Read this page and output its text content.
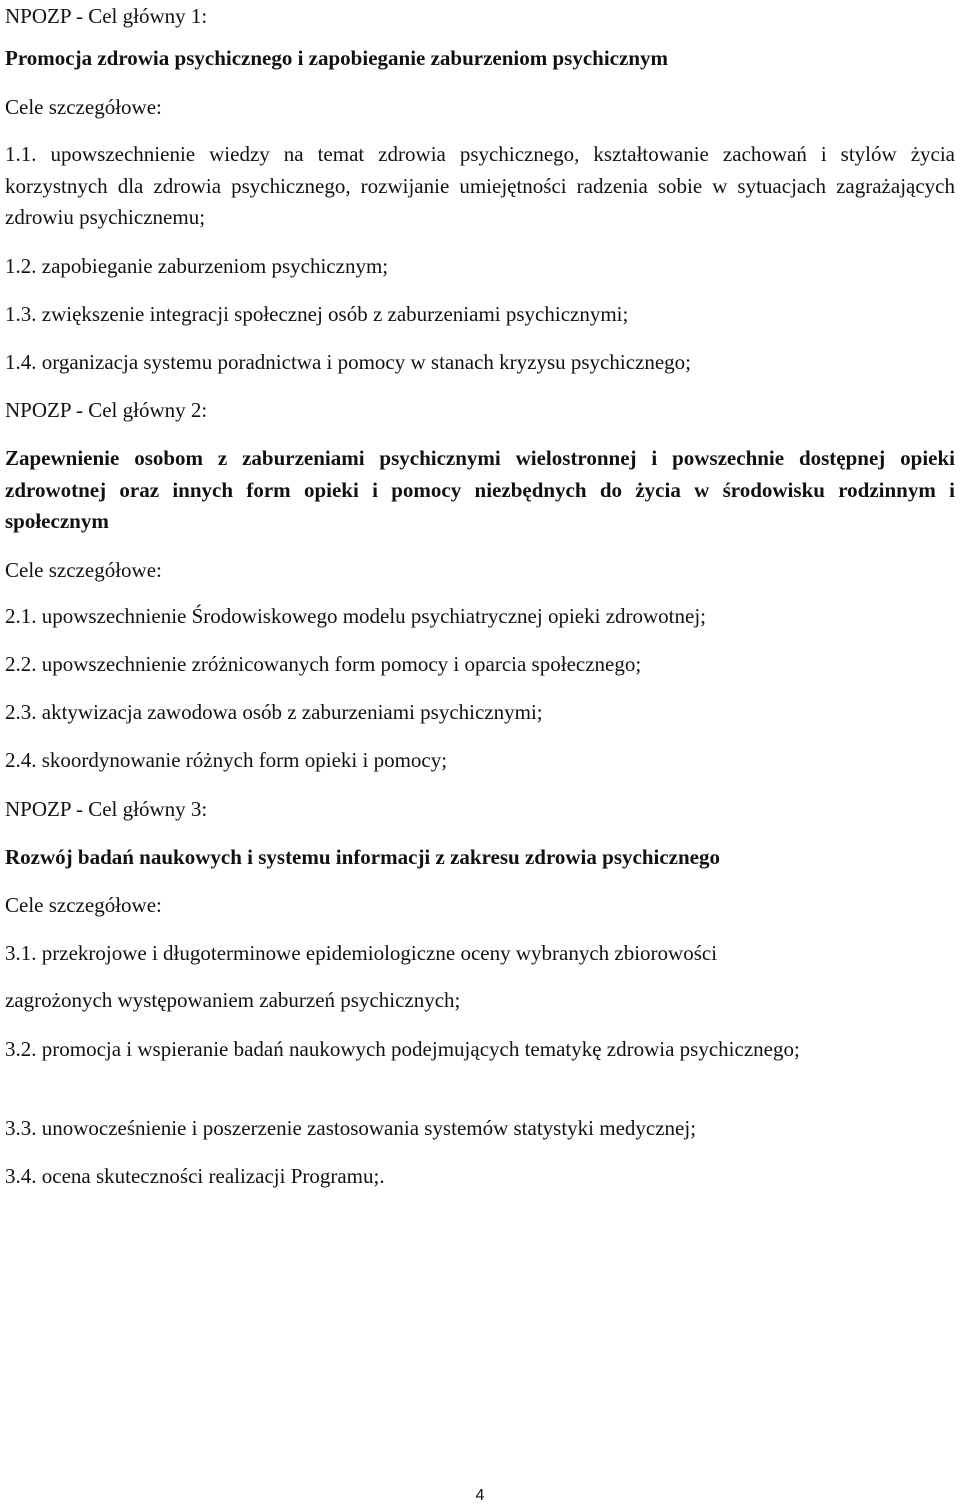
NPOZP - Cel główny 1:

Promocja zdrowia psychicznego i zapobieganie zaburzeniom psychicznym

Cele szczegółowe:

1.1. upowszechnienie wiedzy na temat zdrowia psychicznego, kształtowanie zachowań i stylów życia korzystnych dla zdrowia psychicznego, rozwijanie umiejętności radzenia sobie w sytuacjach zagrażających zdrowiu psychicznemu;

1.2. zapobieganie zaburzeniom psychicznym;

1.3. zwiększenie integracji społecznej osób z zaburzeniami psychicznymi;

1.4. organizacja systemu poradnictwa i pomocy w stanach kryzysu psychicznego;

NPOZP - Cel główny 2:

Zapewnienie osobom z zaburzeniami psychicznymi wielostronnej i powszechnie dostępnej opieki zdrowotnej oraz innych form opieki i pomocy niezbędnych do życia w środowisku rodzinnym i społecznym

Cele szczegółowe:

2.1. upowszechnienie Środowiskowego modelu psychiatrycznej opieki zdrowotnej;

2.2. upowszechnienie zróżnicowanych form pomocy i oparcia społecznego;

2.3. aktywizacja zawodowa osób z zaburzeniami psychicznymi;

2.4. skoordynowanie różnych form opieki i pomocy;

NPOZP - Cel główny 3:

Rozwój badań naukowych i systemu informacji z zakresu zdrowia psychicznego

Cele szczegółowe:

3.1. przekrojowe i długoterminowe epidemiologiczne oceny wybranych zbiorowości

zagrożonych występowaniem zaburzeń psychicznych;

3.2. promocja i wspieranie badań naukowych podejmujących tematykę zdrowia psychicznego;

3.3. unowocześnienie i poszerzenie zastosowania systemów statystyki medycznej;

3.4. ocena skuteczności realizacji Programu;.

4
